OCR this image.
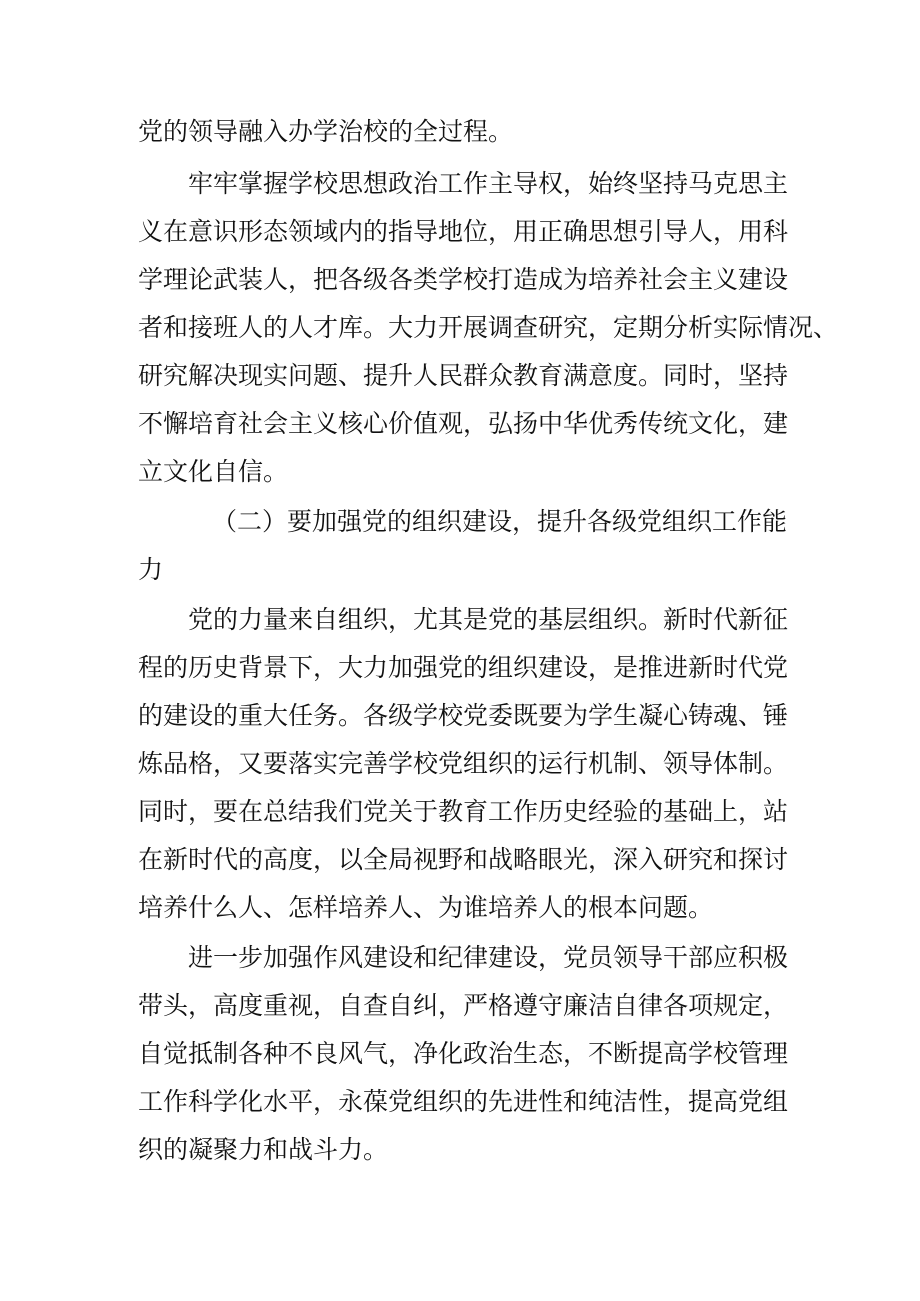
党的领导融入办学治校的全过程。
牢牢掌握学校思想政治工作主导权，始终坚持马克思主
义在意识形态领域内的指导地位，用正确思想引导人，用科
学理论武装人，把各级各类学校打造成为培养社会主义建设
者和接班人的人才库。大力开展调查研究，定期分析实际情况、
研究解决现实问题、提升人民群众教育满意度。同时，坚持
不懈培育社会主义核心价值观，弘扬中华优秀传统文化，建
立文化自信。
（二）要加强党的组织建设，提升各级党组织工作能
力
党的力量来自组织，尤其是党的基层组织。新时代新征
程的历史背景下，大力加强党的组织建设，是推进新时代党
的建设的重大任务。各级学校党委既要为学生凝心铸魂、锤
炼品格，又要落实完善学校党组织的运行机制、领导体制。
同时，要在总结我们党关于教育工作历史经验的基础上，站
在新时代的高度，以全局视野和战略眼光，深入研究和探讨
培养什么人、怎样培养人、为谁培养人的根本问题。
进一步加强作风建设和纪律建设，党员领导干部应积极
带头，高度重视，自查自纠，严格遵守廉洁自律各项规定，
自觉抵制各种不良风气，净化政治生态，不断提高学校管理
工作科学化水平，永葆党组织的先进性和纯洁性，提高党组
织的凝聚力和战斗力。
